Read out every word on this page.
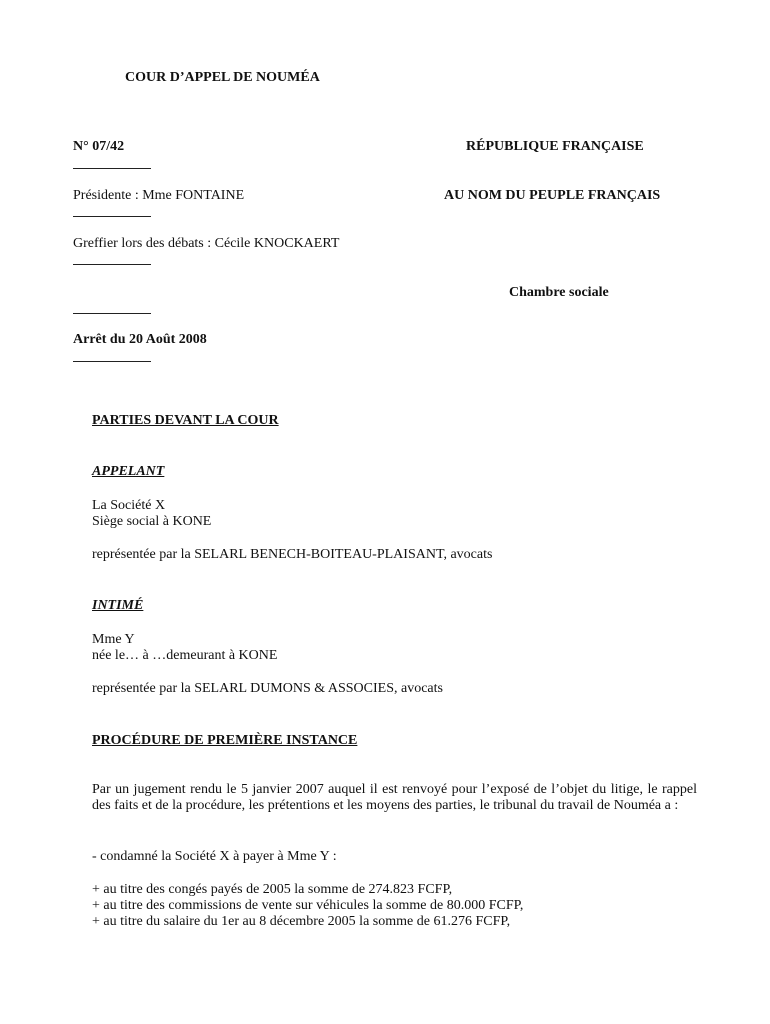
COUR D’APPEL DE NOUMÉA
N° 07/42	RÉPUBLIQUE FRANÇAISE
Présidente : Mme FONTAINE	AU NOM DU PEUPLE FRANÇAIS
Greffier lors des débats : Cécile KNOCKAERT
Chambre sociale
Arrêt du 20 Août 2008
PARTIES DEVANT LA COUR
APPELANT
La Société X
Siège social à KONE
représentée par la SELARL BENECH-BOITEAU-PLAISANT, avocats
INTIMÉ
Mme Y
née le… à …demeurant à KONE
représentée par la SELARL DUMONS & ASSOCIES, avocats
PROCÉDURE DE PREMIÈRE INSTANCE
Par un jugement rendu le 5 janvier 2007 auquel il est renvoyé pour l’exposé de l’objet du litige, le rappel des faits et de la procédure, les prétentions et les moyens des parties, le tribunal du travail de Nouméa a :
- condamné la Société X à payer à Mme Y :
+ au titre des congés payés de 2005 la somme de 274.823 FCFP,
+ au titre des commissions de vente sur véhicules la somme de 80.000 FCFP,
+ au titre du salaire du 1er au 8 décembre 2005 la somme de 61.276 FCFP,
